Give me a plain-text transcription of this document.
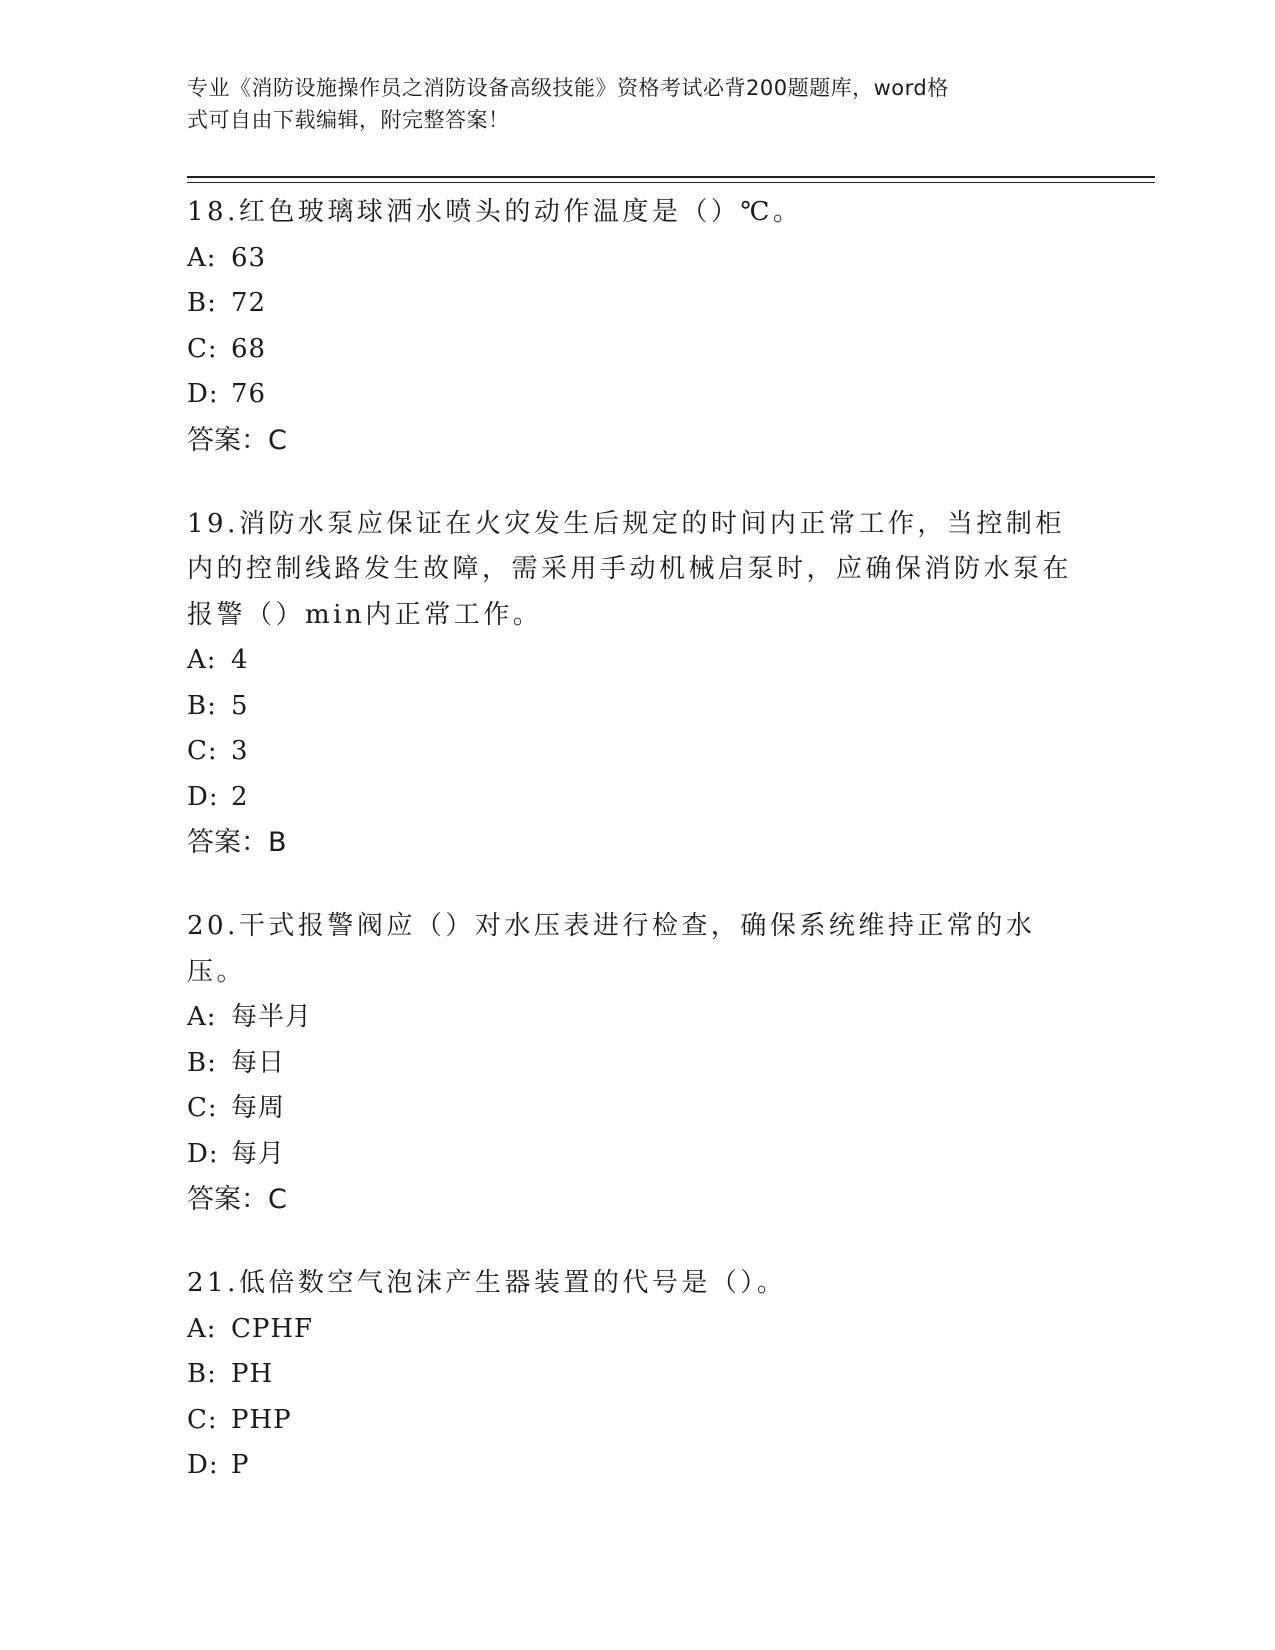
专业《消防设施操作员之消防设备高级技能》资格考试必背200题题库，word格
式可自由下载编辑，附完整答案！

18.红色玻璃球洒水喷头的动作温度是（）℃。

A: 63

B: 72

C: 68

D: 76

答案：C

19.消防水泵应保证在火灾发生后规定的时间内正常工作，当控制柜内的控制线路发生故障，需采用手动机械启泵时，应确保消防水泵在报警（）min内正常工作。

A: 4

B: 5

C: 3

D: 2

答案：B

20.干式报警阀应（）对水压表进行检查，确保系统维持正常的水压。

A: 每半月

B: 每日

C: 每周

D: 每月

答案：C

21.低倍数空气泡沫产生器装置的代号是（）。

A: CPHF

B: PH

C: PHP

D: P
